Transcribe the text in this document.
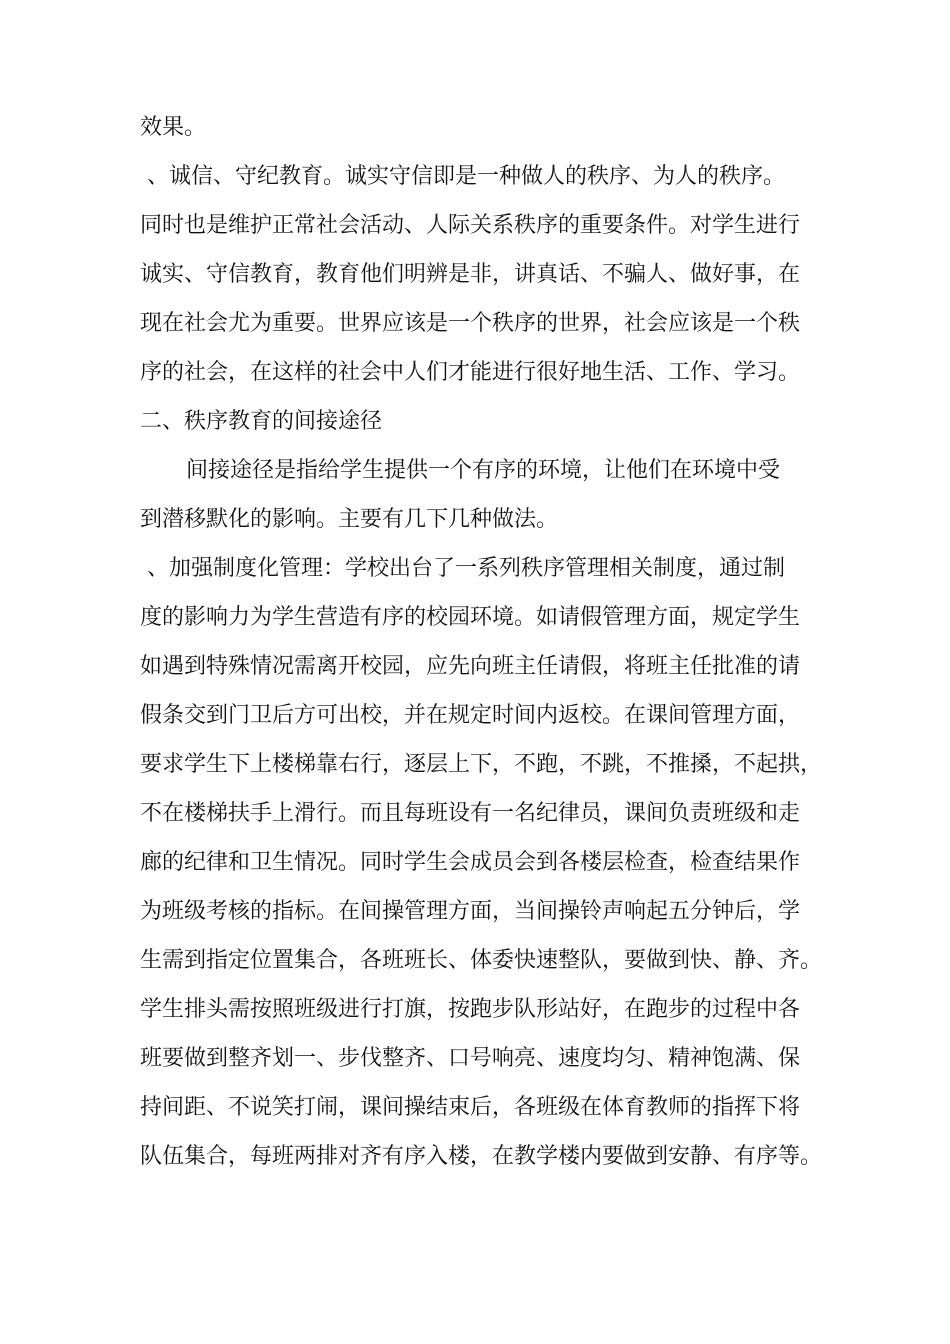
效果。
、诚信、守纪教育。诚实守信即是一种做人的秩序、为人的秩序。
同时也是维护正常社会活动、人际关系秩序的重要条件。对学生进行
诚实、守信教育，教育他们明辨是非，讲真话、不骗人、做好事，在
现在社会尤为重要。世界应该是一个秩序的世界，社会应该是一个秩
序的社会，在这样的社会中人们才能进行很好地生活、工作、学习。
二、秩序教育的间接途径
间接途径是指给学生提供一个有序的环境，让他们在环境中受
到潜移默化的影响。主要有几下几种做法。
、加强制度化管理：学校出台了一系列秩序管理相关制度，通过制
度的影响力为学生营造有序的校园环境。如请假管理方面，规定学生
如遇到特殊情况需离开校园，应先向班主任请假，将班主任批准的请
假条交到门卫后方可出校，并在规定时间内返校。在课间管理方面，
要求学生下上楼梯靠右行，逐层上下，不跑，不跳，不推搡，不起拱，
不在楼梯扶手上滑行。而且每班设有一名纪律员，课间负责班级和走
廊的纪律和卫生情况。同时学生会成员会到各楼层检查，检查结果作
为班级考核的指标。在间操管理方面，当间操铃声响起五分钟后，学
生需到指定位置集合，各班班长、体委快速整队，要做到快、静、齐。
学生排头需按照班级进行打旗，按跑步队形站好，在跑步的过程中各
班要做到整齐划一、步伐整齐、口号响亮、速度均匀、精神饱满、保
持间距、不说笑打闹，课间操结束后，各班级在体育教师的指挥下将
队伍集合，每班两排对齐有序入楼，在教学楼内要做到安静、有序等。
